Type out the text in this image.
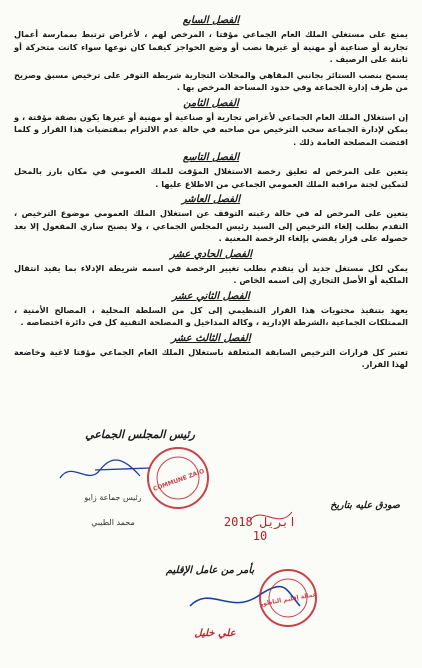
الفصل السابع

يمنع على مستغلي الملك العام الجماعي مؤقتا ، المرخص لهم ، لأغراض ترتبط بممارسة أعمال تجارية أو صناعية أو مهنية أو غيرها نصب أو وضع الحواجز كيفما كان نوعها سواء كانت متحركة أو ثابتة على الرصيف .

يسمح بنصب الستائر بجانبي المقاهي والمحلات التجارية شريطة التوفر على ترخيص مسبق وصريح من طرف إدارة الجماعة وفي حدود المساحة المرخص بها .

الفصل الثامن

إن استغلال الملك العام الجماعي لأغراض تجارية أو صناعية أو مهنية أو غيرها يكون بصفة مؤقتة ، و يمكن لإدارة الجماعة سحب الترخيص من صاحبه في حالة عدم الالتزام بمقتضيات هذا القرار و كلما اقتضت المصلحة العامة ذلك .

الفصل التاسع

يتعين على المرخص له تعليق رخصة الاستغلال المؤقت للملك العمومي في مكان بارز بالمحل لتمكين لجنة مراقبة الملك العمومي الجماعي من الاطلاع عليها .

الفصل العاشر

يتعين على المرخص له في حالة رغبته التوقف عن استغلال الملك العمومي موضوع الترخيص ، التقدم بطلب إلغاء الترخيص إلى السيد رئيس المجلس الجماعي ، ولا يصبح ساري المفعول إلا بعد حصوله على قرار يقضي بإلغاء الرخصة المعنية .

الفصل الحادي عشر

يمكن لكل مستغل جديد أن يتقدم بطلب تغيير الرخصة في اسمه شريطة الإدلاء بما يفيد انتقال الملكية أو الأصل التجاري إلى اسمه الخاص .

الفصل الثاني عشر

يعهد بتنفيذ محتويات هذا القرار التنظيمي إلى كل من السلطة المحلية ، المصالح الأمنية ، الممتلكات الجماعية ،الشرطة الإدارية ، وكالة المداخيل و المصلحة التقنية كل في دائرة اختصاصه .

الفصل الثالث عشر

تعتبر كل قرارات الترخيص السابقة المتعلقة باستغلال الملك العام الجماعي مؤقتا لاغية وخاضعة لهذا القرار.

رئيس المجلس الجماعي
رئيس جماعة زايو
محمد الطيبي
صودق عليه بتاريخ
2018 ابريل 10
بأمر من عامل الإقليم
علي خليل
COMMUNE ZAIO
عمالة إقليم الناظور
